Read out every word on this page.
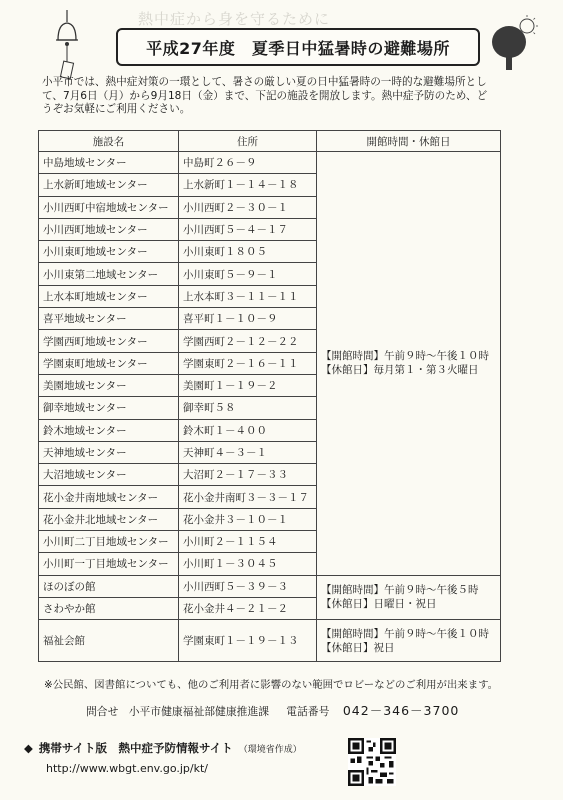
熱中症から身を守るために
平成27年度　夏季日中猛暑時の避難場所
小平市では、熱中症対策の一環として、暑さの厳しい夏の日中猛暑時の一時的な避難場所とし
て、7月6日（月）から9月18日（金）まで、下記の施設を開放します。熱中症予防のため、ど
うぞお気軽にご利用ください。
施設名	住所	開館時間・休館日
中島地域センター	中島町２６－９	【開館時間】午前９時～午後１０時
【休館日】毎月第１・第３火曜日

上水新町地域センター	上水新町１－１４－１８	
小川西町中宿地域センター	小川西町２－３０－１	
小川西町地域センター	小川西町５－４－１７	
小川東町地域センター	小川東町１８０５	
小川東第二地域センター	小川東町５－９－１	
上水本町地域センター	上水本町３－１１－１１	
喜平地域センター	喜平町１－１０－９	
学園西町地域センター	学園西町２－１２－２２	
学園東町地域センター	学園東町２－１６－１１	
美園地域センター	美園町１－１９－２	
御幸地域センター	御幸町５８	
鈴木地域センター	鈴木町１－４００	
天神地域センター	天神町４－３－１	
大沼地域センター	大沼町２－１７－３３	
花小金井南地域センター	花小金井南町３－３－１７	
花小金井北地域センター	花小金井３－１０－１	
小川町二丁目地域センター	小川町２－１１５４	
小川町一丁目地域センター	小川町１－３０４５	
ほのぼの館	小川西町５－３９－３	【開館時間】午前９時～午後５時
【休館日】日曜日・祝日

さわやか館	花小金井４－２１－２	
福祉会館	学園東町１－１９－１３	【開館時間】午前９時～午後１０時
【休館日】祝日
※公民館、図書館についても、他のご利用者に影響のない範囲でロビーなどのご利用が出来ます。
問合せ 小平市健康福祉部健康推進課 電話番号 042－346－3700
◆ 携帯サイト版　熱中症予防情報サイト （環境省作成）
http://www.wbgt.env.go.jp/kt/
